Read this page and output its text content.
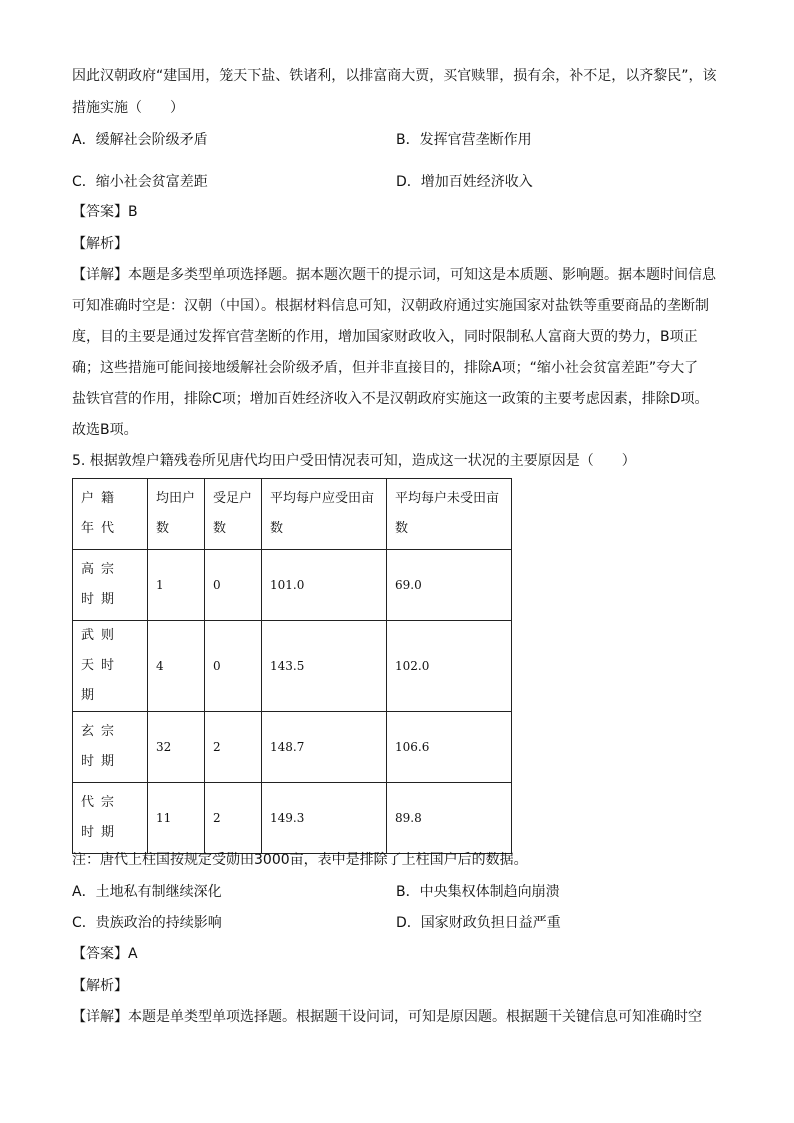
因此汉朝政府“建国用，笼天下盐、铁诸利，以排富商大贾，买官赎罪，损有余，补不足，以齐黎民”，该
措施实施（　　）
A．缓解社会阶级矛盾	B．发挥官营垄断作用
C．缩小社会贫富差距	D．增加百姓经济收入
【答案】B
【解析】
【详解】本题是多类型单项选择题。据本题次题干的提示词，可知这是本质题、影响题。据本题时间信息
可知准确时空是：汉朝（中国）。根据材料信息可知，汉朝政府通过实施国家对盐铁等重要商品的垄断制
度，目的主要是通过发挥官营垄断的作用，增加国家财政收入，同时限制私人富商大贾的势力，B项正
确；这些措施可能间接地缓解社会阶级矛盾，但并非直接目的，排除A项；“缩小社会贫富差距”夸大了
盐铁官营的作用，排除C项；增加百姓经济收入不是汉朝政府实施这一政策的主要考虑因素，排除D项。
故选B项。
5. 根据敦煌户籍残卷所见唐代均田户受田情况表可知，造成这一状况的主要原因是（　　）
户籍年代	均田户数	受足户数	平均每户应受田亩数	平均每户未受田亩数
高宗时期	1	0	101.0	69.0
武则天时期	4	0	143.5	102.0
玄宗时期	32	2	148.7	106.6
代宗时期	11	2	149.3	89.8
注：唐代上柱国按规定受勋田3000亩，表中是排除了上柱国户后的数据。
A．土地私有制继续深化	B．中央集权体制趋向崩溃
C．贵族政治的持续影响	D．国家财政负担日益严重
【答案】A
【解析】
【详解】本题是单类型单项选择题。根据题干设问词，可知是原因题。根据题干关键信息可知准确时空
